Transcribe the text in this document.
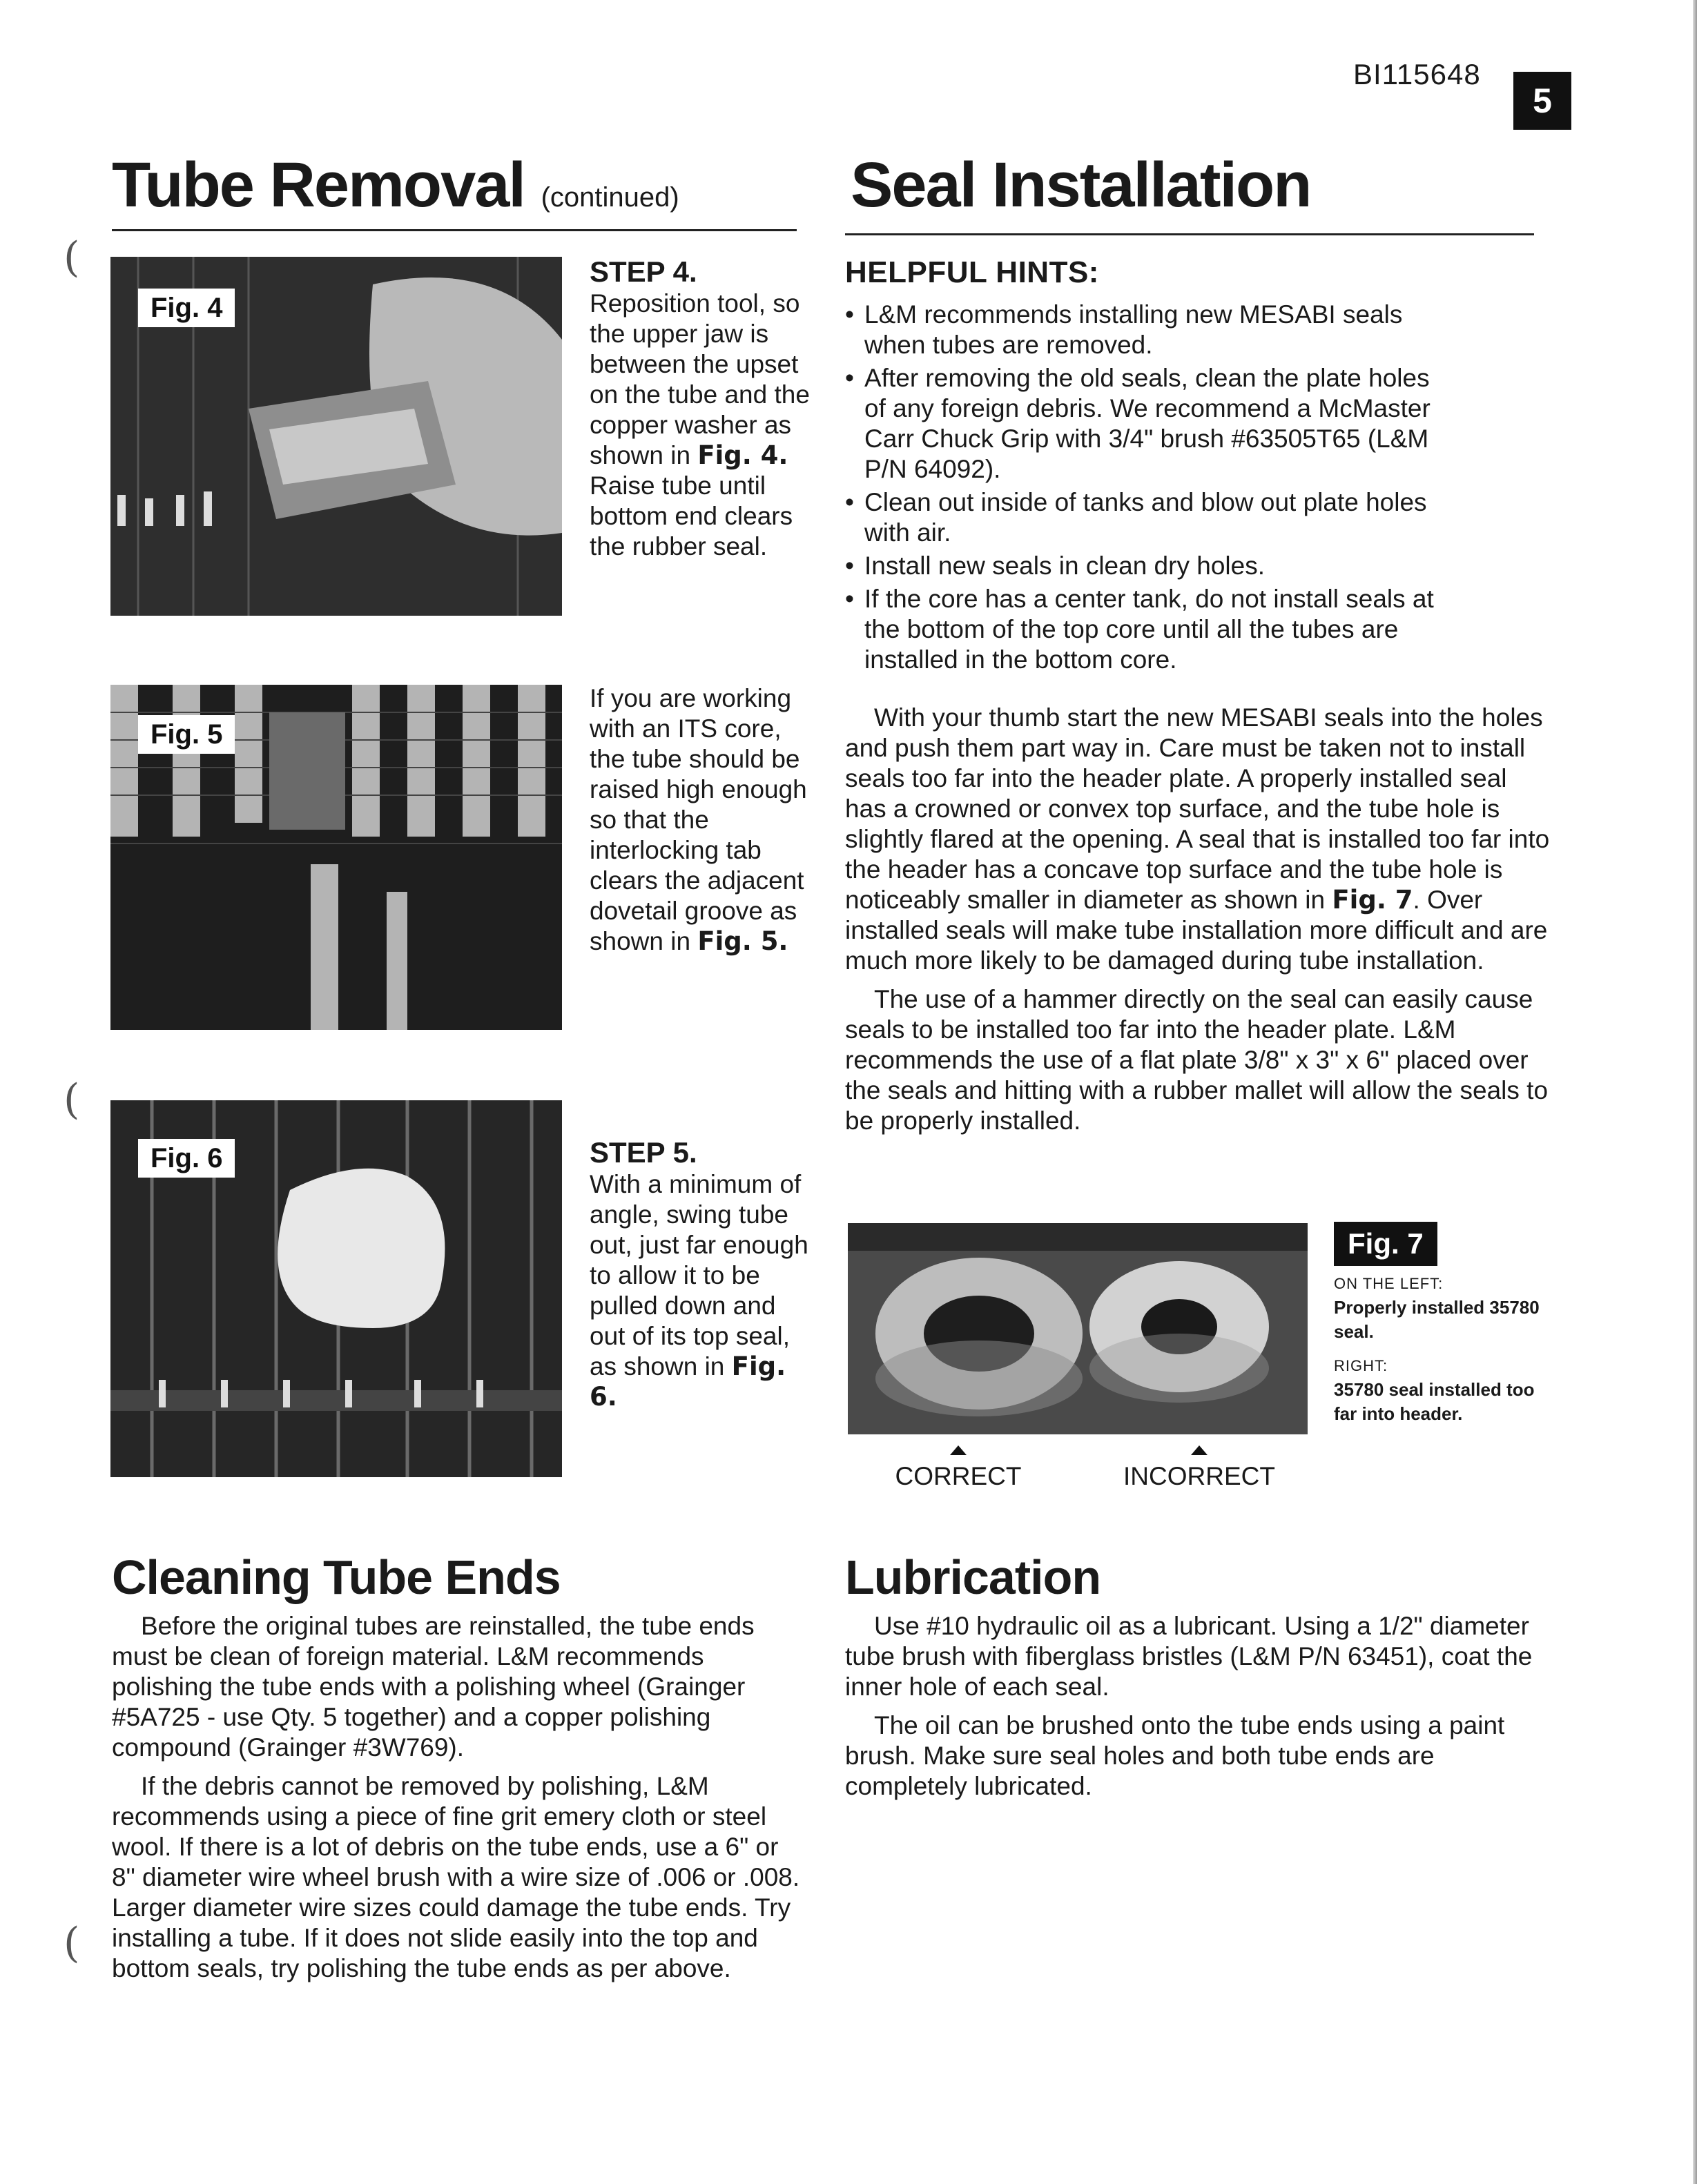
(
(
(
BI115648
5
Tube Removal (continued)	Seal Installation
Fig. 4
Fig. 5
Fig. 6
STEP 4.
Reposition tool, so the upper jaw is between the upset on the tube and the copper washer as shown in Fig. 4. Raise tube until bottom end clears the rubber seal.
If you are working with an ITS core, the tube should be raised high enough so that the interlocking tab clears the adjacent dovetail groove as shown in Fig. 5.
STEP 5.
With a minimum of angle, swing tube out, just far enough to allow it to be pulled down and out of its top seal, as shown in Fig. 6.
Cleaning Tube Ends

Before the original tubes are reinstalled, the tube ends must be clean of foreign material. L&M recommends polishing the tube ends with a polishing wheel (Grainger #5A725 - use Qty. 5 together) and a copper polishing compound (Grainger #3W769).

If the debris cannot be removed by polishing, L&M recommends using a piece of fine grit emery cloth or steel wool. If there is a lot of debris on the tube ends, use a 6" or 8" diameter wire wheel brush with a wire size of .006 or .008. Larger diameter wire sizes could damage the tube ends. Try installing a tube. If it does not slide easily into the top and bottom seals, try polishing the tube ends as per above.

HELPFUL HINTS:
• L&M recommends installing new MESABI seals when tubes are removed.
• After removing the old seals, clean the plate holes of any foreign debris. We recommend a McMaster Carr Chuck Grip with 3/4" brush #63505T65 (L&M P/N 64092).
• Clean out inside of tanks and blow out plate holes with air.
• Install new seals in clean dry holes.
• If the core has a center tank, do not install seals at the bottom of the top core until all the tubes are installed in the bottom core.

With your thumb start the new MESABI seals into the holes and push them part way in. Care must be taken not to install seals too far into the header plate. A properly installed seal has a crowned or convex top surface, and the tube hole is slightly flared at the opening. A seal that is installed too far into the header has a concave top surface and the tube hole is noticeably smaller in diameter as shown in Fig. 7. Over installed seals will make tube installation more difficult and are much more likely to be damaged during tube installation.

The use of a hammer directly on the seal can easily cause seals to be installed too far into the header plate. L&M recommends the use of a flat plate 3/8" x 3" x 6" placed over the seals and hitting with a rubber mallet will allow the seals to be properly installed.

Fig. 7
ON THE LEFT:
Properly installed 35780 seal.
RIGHT:
35780 seal installed too far into header.
CORRECT	INCORRECT
Lubrication

Use #10 hydraulic oil as a lubricant. Using a 1/2" diameter tube brush with fiberglass bristles (L&M P/N 63451), coat the inner hole of each seal.

The oil can be brushed onto the tube ends using a paint brush. Make sure seal holes and both tube ends are completely lubricated.
